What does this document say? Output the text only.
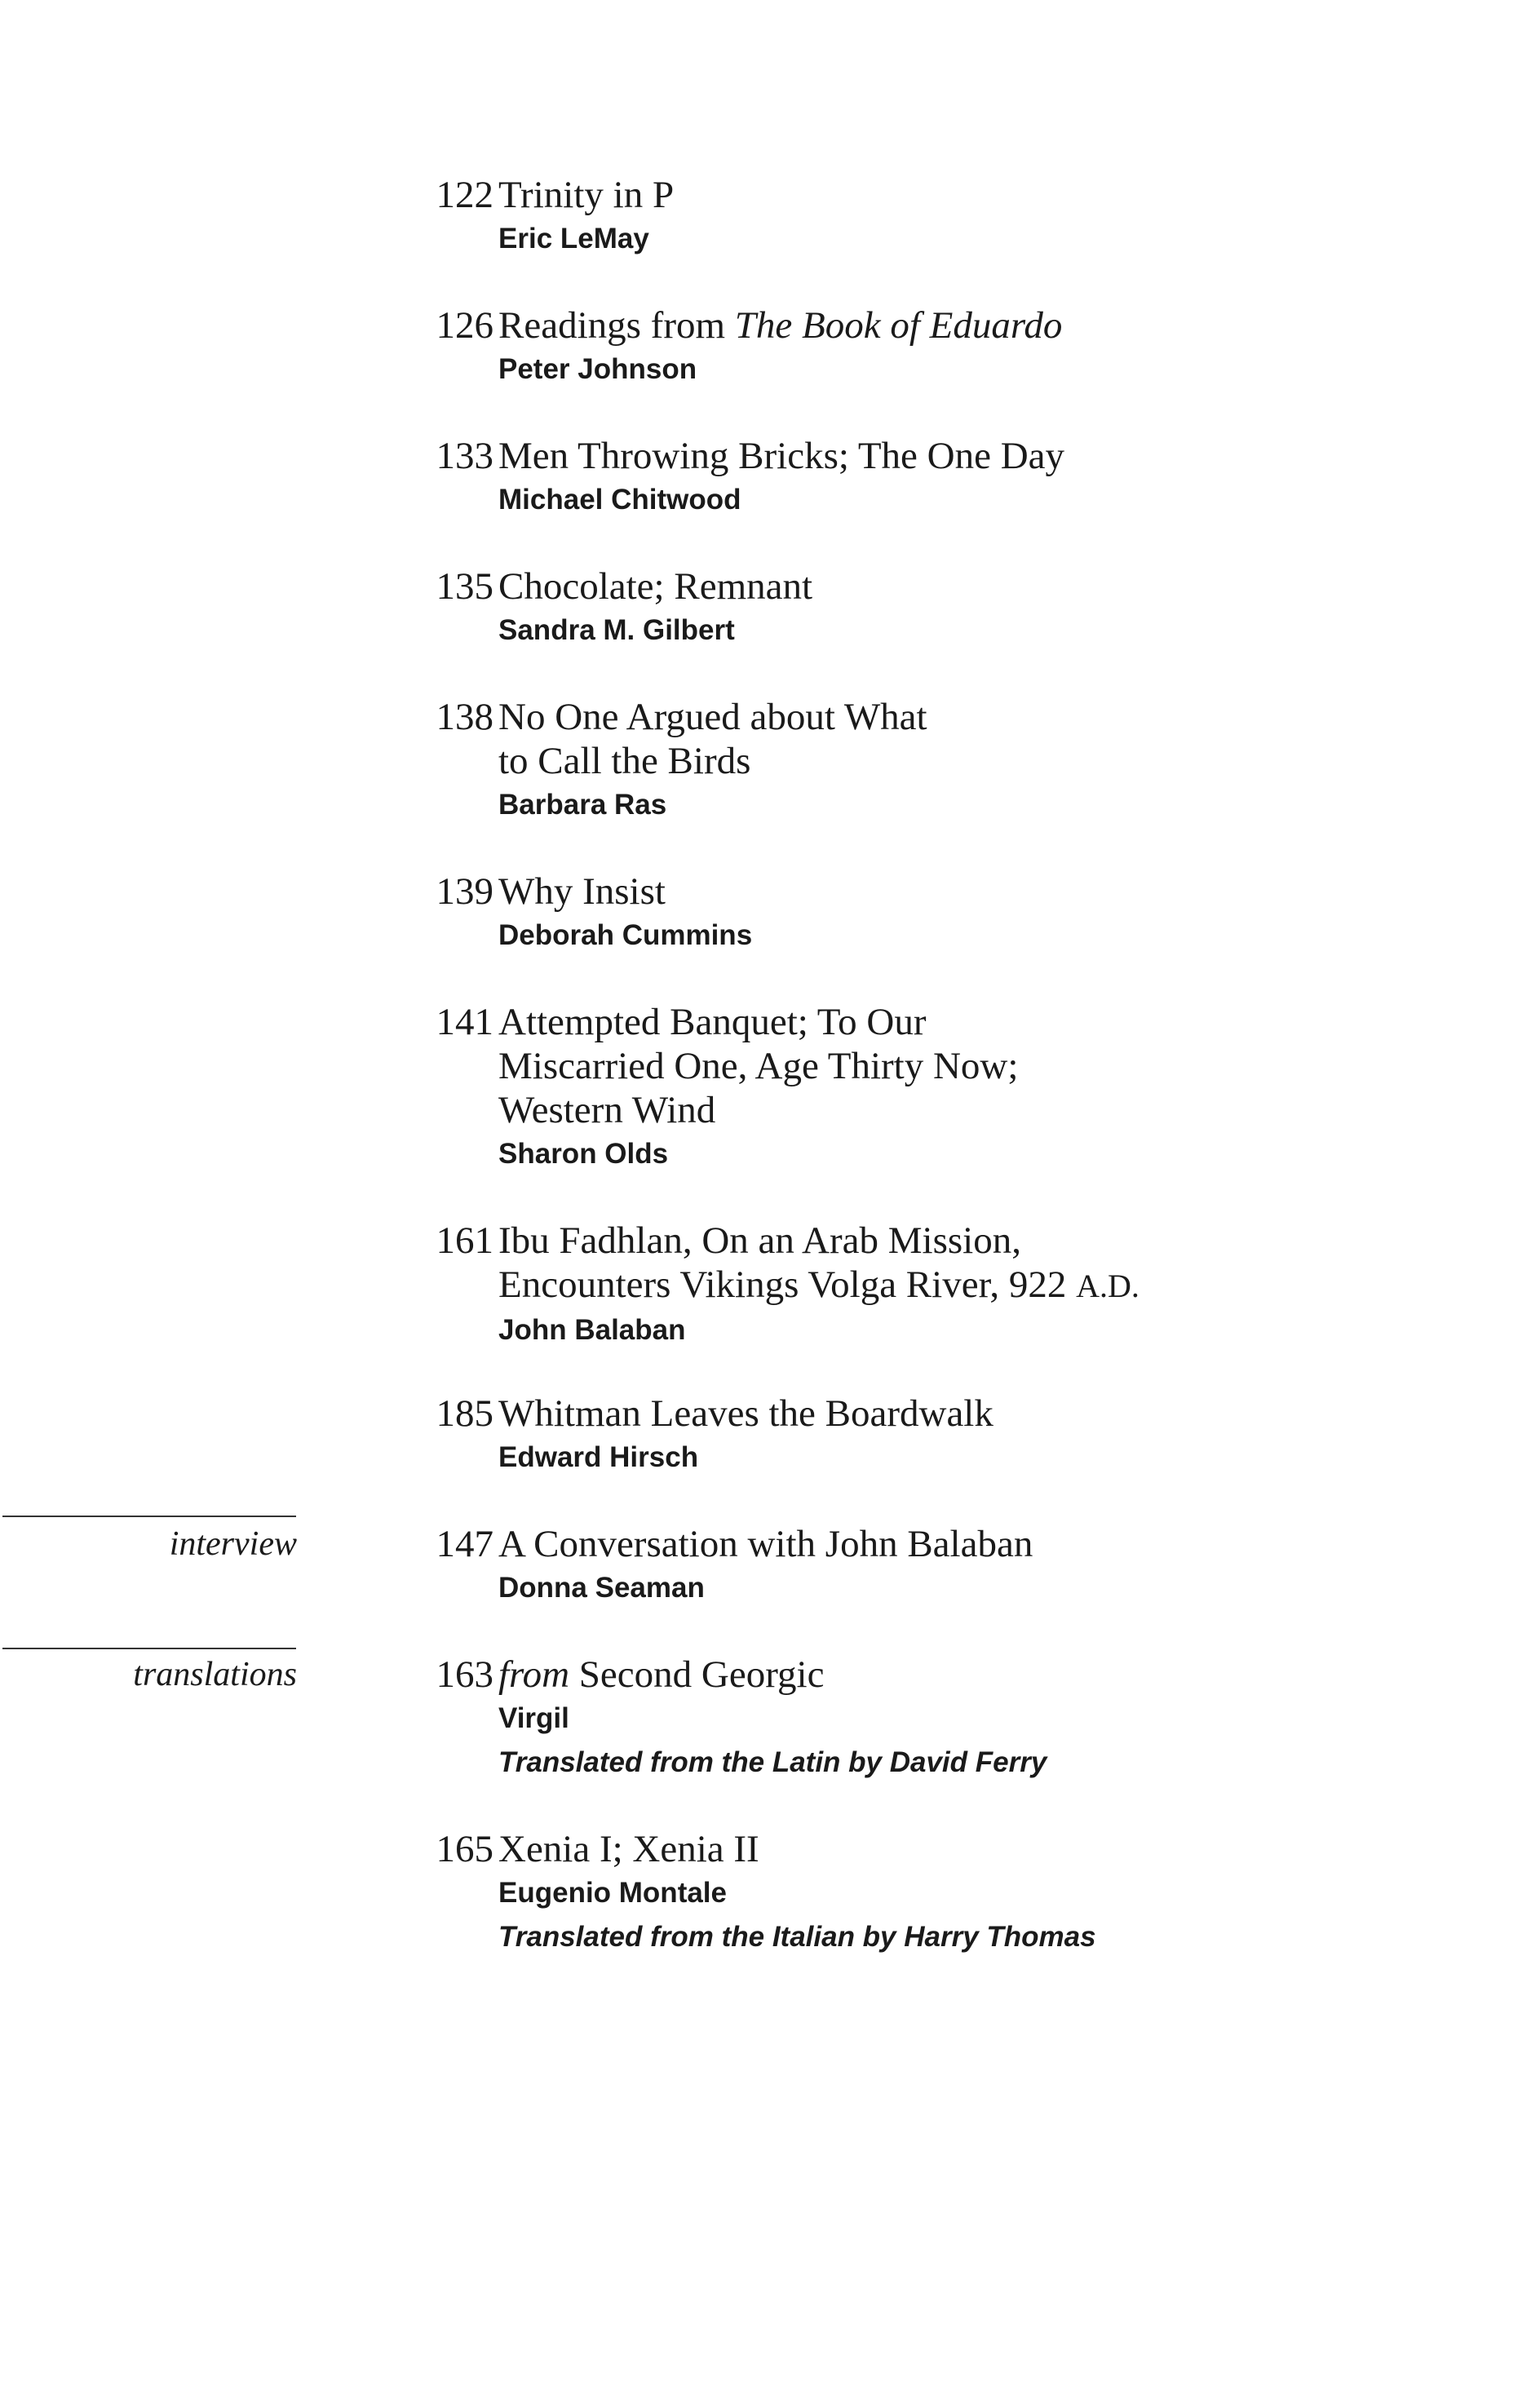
122 Trinity in P
Eric LeMay
126 Readings from The Book of Eduardo
Peter Johnson
133 Men Throwing Bricks; The One Day
Michael Chitwood
135 Chocolate; Remnant
Sandra M. Gilbert
138 No One Argued about What
to Call the Birds
Barbara Ras
139 Why Insist
Deborah Cummins
141 Attempted Banquet; To Our
Miscarried One, Age Thirty Now;
Western Wind
Sharon Olds
161 Ibu Fadhlan, On an Arab Mission,
Encounters Vikings Volga River, 922 A.D.
John Balaban
185 Whitman Leaves the Boardwalk
Edward Hirsch
interview	147 A Conversation with John Balaban
Donna Seaman
translations	163 from Second Georgic
Virgil
Translated from the Latin by David Ferry
165 Xenia I; Xenia II
Eugenio Montale
Translated from the Italian by Harry Thomas
